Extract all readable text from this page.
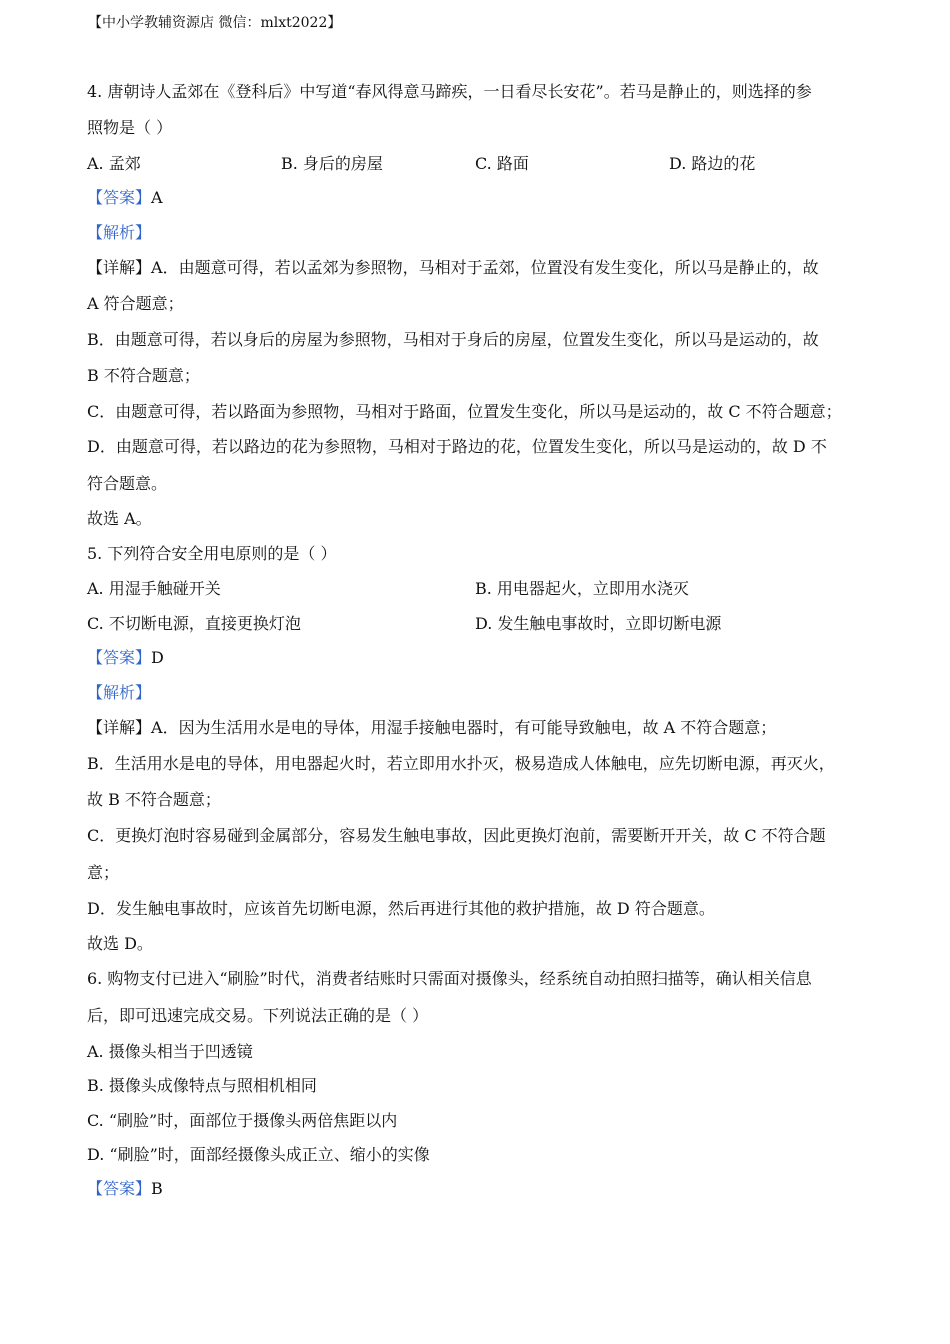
【中小学教辅资源店 微信：mlxt2022】
4. 唐朝诗人孟郊在《登科后》中写道“春风得意马蹄疾，一日看尽长安花”。若马是静止的，则选择的参
照物是（ ）
A. 孟郊	B. 身后的房屋	C. 路面	D. 路边的花
【答案】A
【解析】
【详解】A．由题意可得，若以孟郊为参照物，马相对于孟郊，位置没有发生变化，所以马是静止的，故
A 符合题意；
B．由题意可得，若以身后的房屋为参照物，马相对于身后的房屋，位置发生变化，所以马是运动的，故
B 不符合题意；
C．由题意可得，若以路面为参照物，马相对于路面，位置发生变化，所以马是运动的，故 C 不符合题意；
D．由题意可得，若以路边的花为参照物，马相对于路边的花，位置发生变化，所以马是运动的，故 D 不
符合题意。
故选 A。
5. 下列符合安全用电原则的是（ ）
A. 用湿手触碰开关	B. 用电器起火，立即用水浇灭
C. 不切断电源，直接更换灯泡	D. 发生触电事故时，立即切断电源
【答案】D
【解析】
【详解】A．因为生活用水是电的导体，用湿手接触电器时，有可能导致触电，故 A 不符合题意；
B．生活用水是电的导体，用电器起火时，若立即用水扑灭，极易造成人体触电，应先切断电源，再灭火，
故 B 不符合题意；
C．更换灯泡时容易碰到金属部分，容易发生触电事故，因此更换灯泡前，需要断开开关，故 C 不符合题
意；
D．发生触电事故时，应该首先切断电源，然后再进行其他的救护措施，故 D 符合题意。
故选 D。
6. 购物支付已进入“刷脸”时代，消费者结账时只需面对摄像头，经系统自动拍照扫描等，确认相关信息
后，即可迅速完成交易。下列说法正确的是（ ）
A. 摄像头相当于凹透镜
B. 摄像头成像特点与照相机相同
C. “刷脸”时，面部位于摄像头两倍焦距以内
D. “刷脸”时，面部经摄像头成正立、缩小的实像
【答案】B
